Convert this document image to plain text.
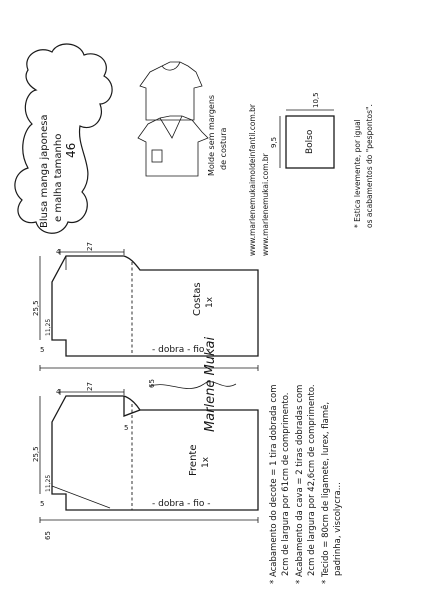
Blusa manga japonesa e malha tamanho 46	Molde sem margens de costura
www.marlenemukai.com.br
www.marlenemukaimoldeinfantil.com.br	Bolso
9,5
10,5
* Estica levemente, por igual os acabamentos do "pespontos".
Costas 1x
- dobra - fio -
27
4
25,5
11,25
5
65	Marlene Mukai
Frente 1x
- dobra - fio -
27
4
5
25,5
11,25
5
65	* Acabamento do decote = 1 tira dobrada com 2cm de largura por 61cm de comprimento. * Acabamento da cava = 2 tiras dobradas com 2cm de largura por 42,6cm de comprimento. * Tecido = 80cm de ligamete, lurex, flamê, padrinha, viscolycra...
